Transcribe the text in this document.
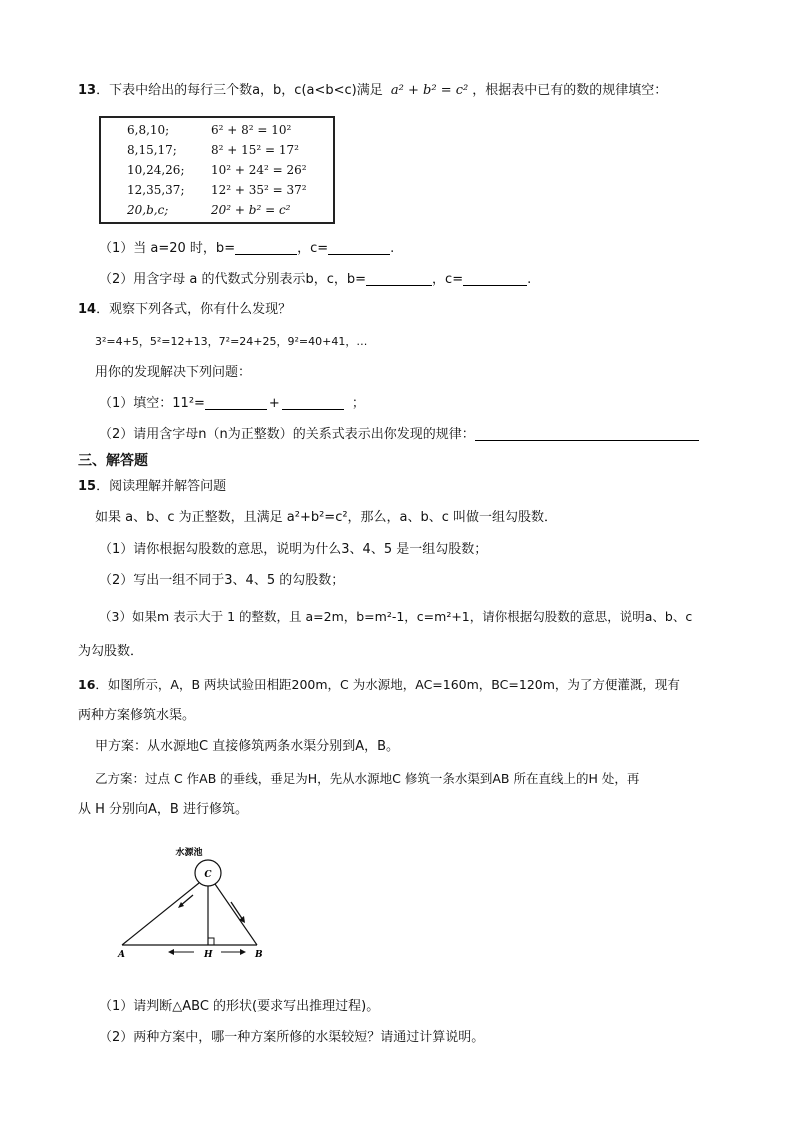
13．下表中给出的每行三个数a，b，c(a<b<c)满足 a² + b² = c² ，根据表中已有的数的规律填空：
6,8,10;	6² + 8² = 10²
8,15,17;	8² + 15² = 17²
10,24,26; 10² + 24² = 26²
12,35,37; 12² + 35² = 37²
20,b,c;	20² + b² = c²
（1）当 a=20 时，b=	，c=	.
（2）用含字母 a 的代数式分别表示b，c，b=	，c=	.
14．观察下列各式，你有什么发现？
3²=4+5，5²=12+13，7²=24+25，9²=40+41，…
用你的发现解决下列问题：
（1）填空：11²=	+	；
（2）请用含字母n（n为正整数）的关系式表示出你发现的规律：
三、解答题
15．阅读理解并解答问题
如果 a、b、c 为正整数，且满足 a²+b²=c²，那么，a、b、c 叫做一组勾股数．
（1）请你根据勾股数的意思，说明为什么3、4、5 是一组勾股数；
（2）写出一组不同于3、4、5 的勾股数；
（3）如果m 表示大于 1 的整数，且 a=2m，b=m²-1，c=m²+1，请你根据勾股数的意思，说明a、b、c
为勾股数．
16．如图所示，A，B 两块试验田相距200m，C 为水源地，AC=160m，BC=120m，为了方便灌溉，现有
两种方案修筑水渠。
甲方案：从水源地C 直接修筑两条水渠分别到A，B。
乙方案：过点 C 作AB 的垂线，垂足为H，先从水源地C 修筑一条水渠到AB 所在直线上的H 处，再
从 H 分别向A，B 进行修筑。
水源池
C
A	H	B
（1）请判断△ABC 的形状(要求写出推理过程)。
（2）两种方案中，哪一种方案所修的水渠较短？请通过计算说明。
